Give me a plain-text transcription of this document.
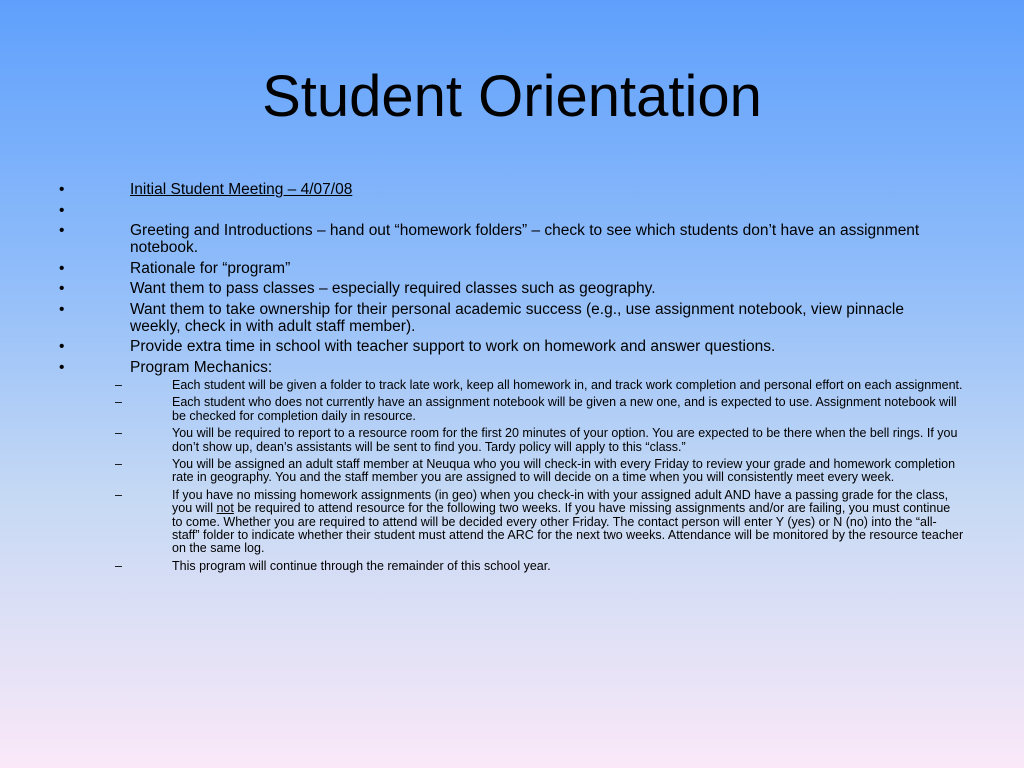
Student Orientation
•	Initial Student Meeting – 4/07/08
•
•	Greeting and Introductions – hand out “homework folders” – check to see which students don’t have an assignment notebook.
•	Rationale for “program”
•	Want them to pass classes – especially required classes such as geography.
•	Want them to take ownership for their personal academic success (e.g., use assignment notebook, view pinnacle weekly, check in with adult staff member).
•	Provide extra time in school with teacher support to work on homework and answer questions.
•	Program Mechanics:
–	Each student will be given a folder to track late work, keep all homework in, and track work completion and personal effort on each assignment.
–	Each student who does not currently have an assignment notebook will be given a new one, and is expected to use. Assignment notebook will be checked for completion daily in resource.
–	You will be required to report to a resource room for the first 20 minutes of your option. You are expected to be there when the bell rings. If you don’t show up, dean’s assistants will be sent to find you. Tardy policy will apply to this “class.”
–	You will be assigned an adult staff member at Neuqua who you will check-in with every Friday to review your grade and homework completion rate in geography. You and the staff member you are assigned to will decide on a time when you will consistently meet every week.
–	If you have no missing homework assignments (in geo) when you check-in with your assigned adult AND have a passing grade for the class, you will not be required to attend resource for the following two weeks. If you have missing assignments and/or are failing, you must continue to come. Whether you are required to attend will be decided every other Friday. The contact person will enter Y (yes) or N (no) into the “all-staff” folder to indicate whether their student must attend the ARC for the next two weeks. Attendance will be monitored by the resource teacher on the same log.
–	This program will continue through the remainder of this school year.
